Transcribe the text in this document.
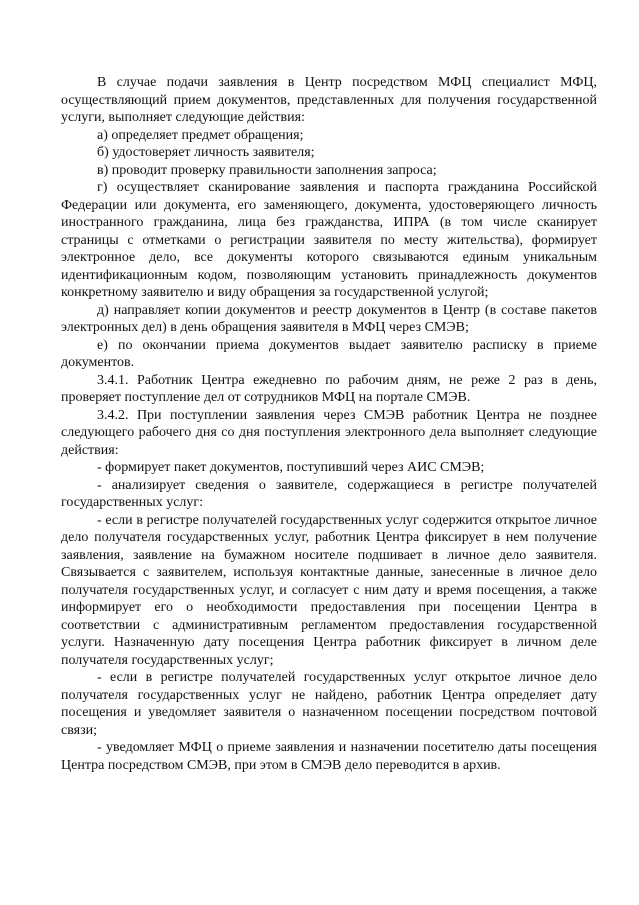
В случае подачи заявления в Центр посредством МФЦ специалист МФЦ, осуществляющий прием документов, представленных для получения государственной услуги, выполняет следующие действия:

а) определяет предмет обращения;

б) удостоверяет личность заявителя;

в) проводит проверку правильности заполнения запроса;

г) осуществляет сканирование заявления и паспорта гражданина Российской Федерации или документа, его заменяющего, документа, удостоверяющего личность иностранного гражданина, лица без гражданства, ИПРА (в том числе сканирует страницы с отметками о регистрации заявителя по месту жительства), формирует электронное дело, все документы которого связываются единым уникальным идентификационным кодом, позволяющим установить принадлежность документов конкретному заявителю и виду обращения за государственной услугой;

д) направляет копии документов и реестр документов в Центр (в составе пакетов электронных дел) в день обращения заявителя в МФЦ через СМЭВ;

е) по окончании приема документов выдает заявителю расписку в приеме документов.

3.4.1. Работник Центра ежедневно по рабочим дням, не реже 2 раз в день, проверяет поступление дел от сотрудников МФЦ на портале СМЭВ.

3.4.2. При поступлении заявления через СМЭВ работник Центра не позднее следующего рабочего дня со дня поступления электронного дела выполняет следующие действия:

- формирует пакет документов, поступивший через АИС СМЭВ;

- анализирует сведения о заявителе, содержащиеся в регистре получателей государственных услуг:

- если в регистре получателей государственных услуг содержится открытое личное дело получателя государственных услуг, работник Центра фиксирует в нем получение заявления, заявление на бумажном носителе подшивает в личное дело заявителя. Связывается с заявителем, используя контактные данные, занесенные в личное дело получателя государственных услуг, и согласует с ним дату и время посещения, а также информирует его о необходимости предоставления при посещении Центра в соответствии с административным регламентом предоставления государственной услуги. Назначенную дату посещения Центра работник фиксирует в личном деле получателя государственных услуг;

- если в регистре получателей государственных услуг открытое личное дело получателя государственных услуг не найдено, работник Центра определяет дату посещения и уведомляет заявителя о назначенном посещении посредством почтовой связи;

- уведомляет МФЦ о приеме заявления и назначении посетителю даты посещения Центра посредством СМЭВ, при этом в СМЭВ дело переводится в архив.
